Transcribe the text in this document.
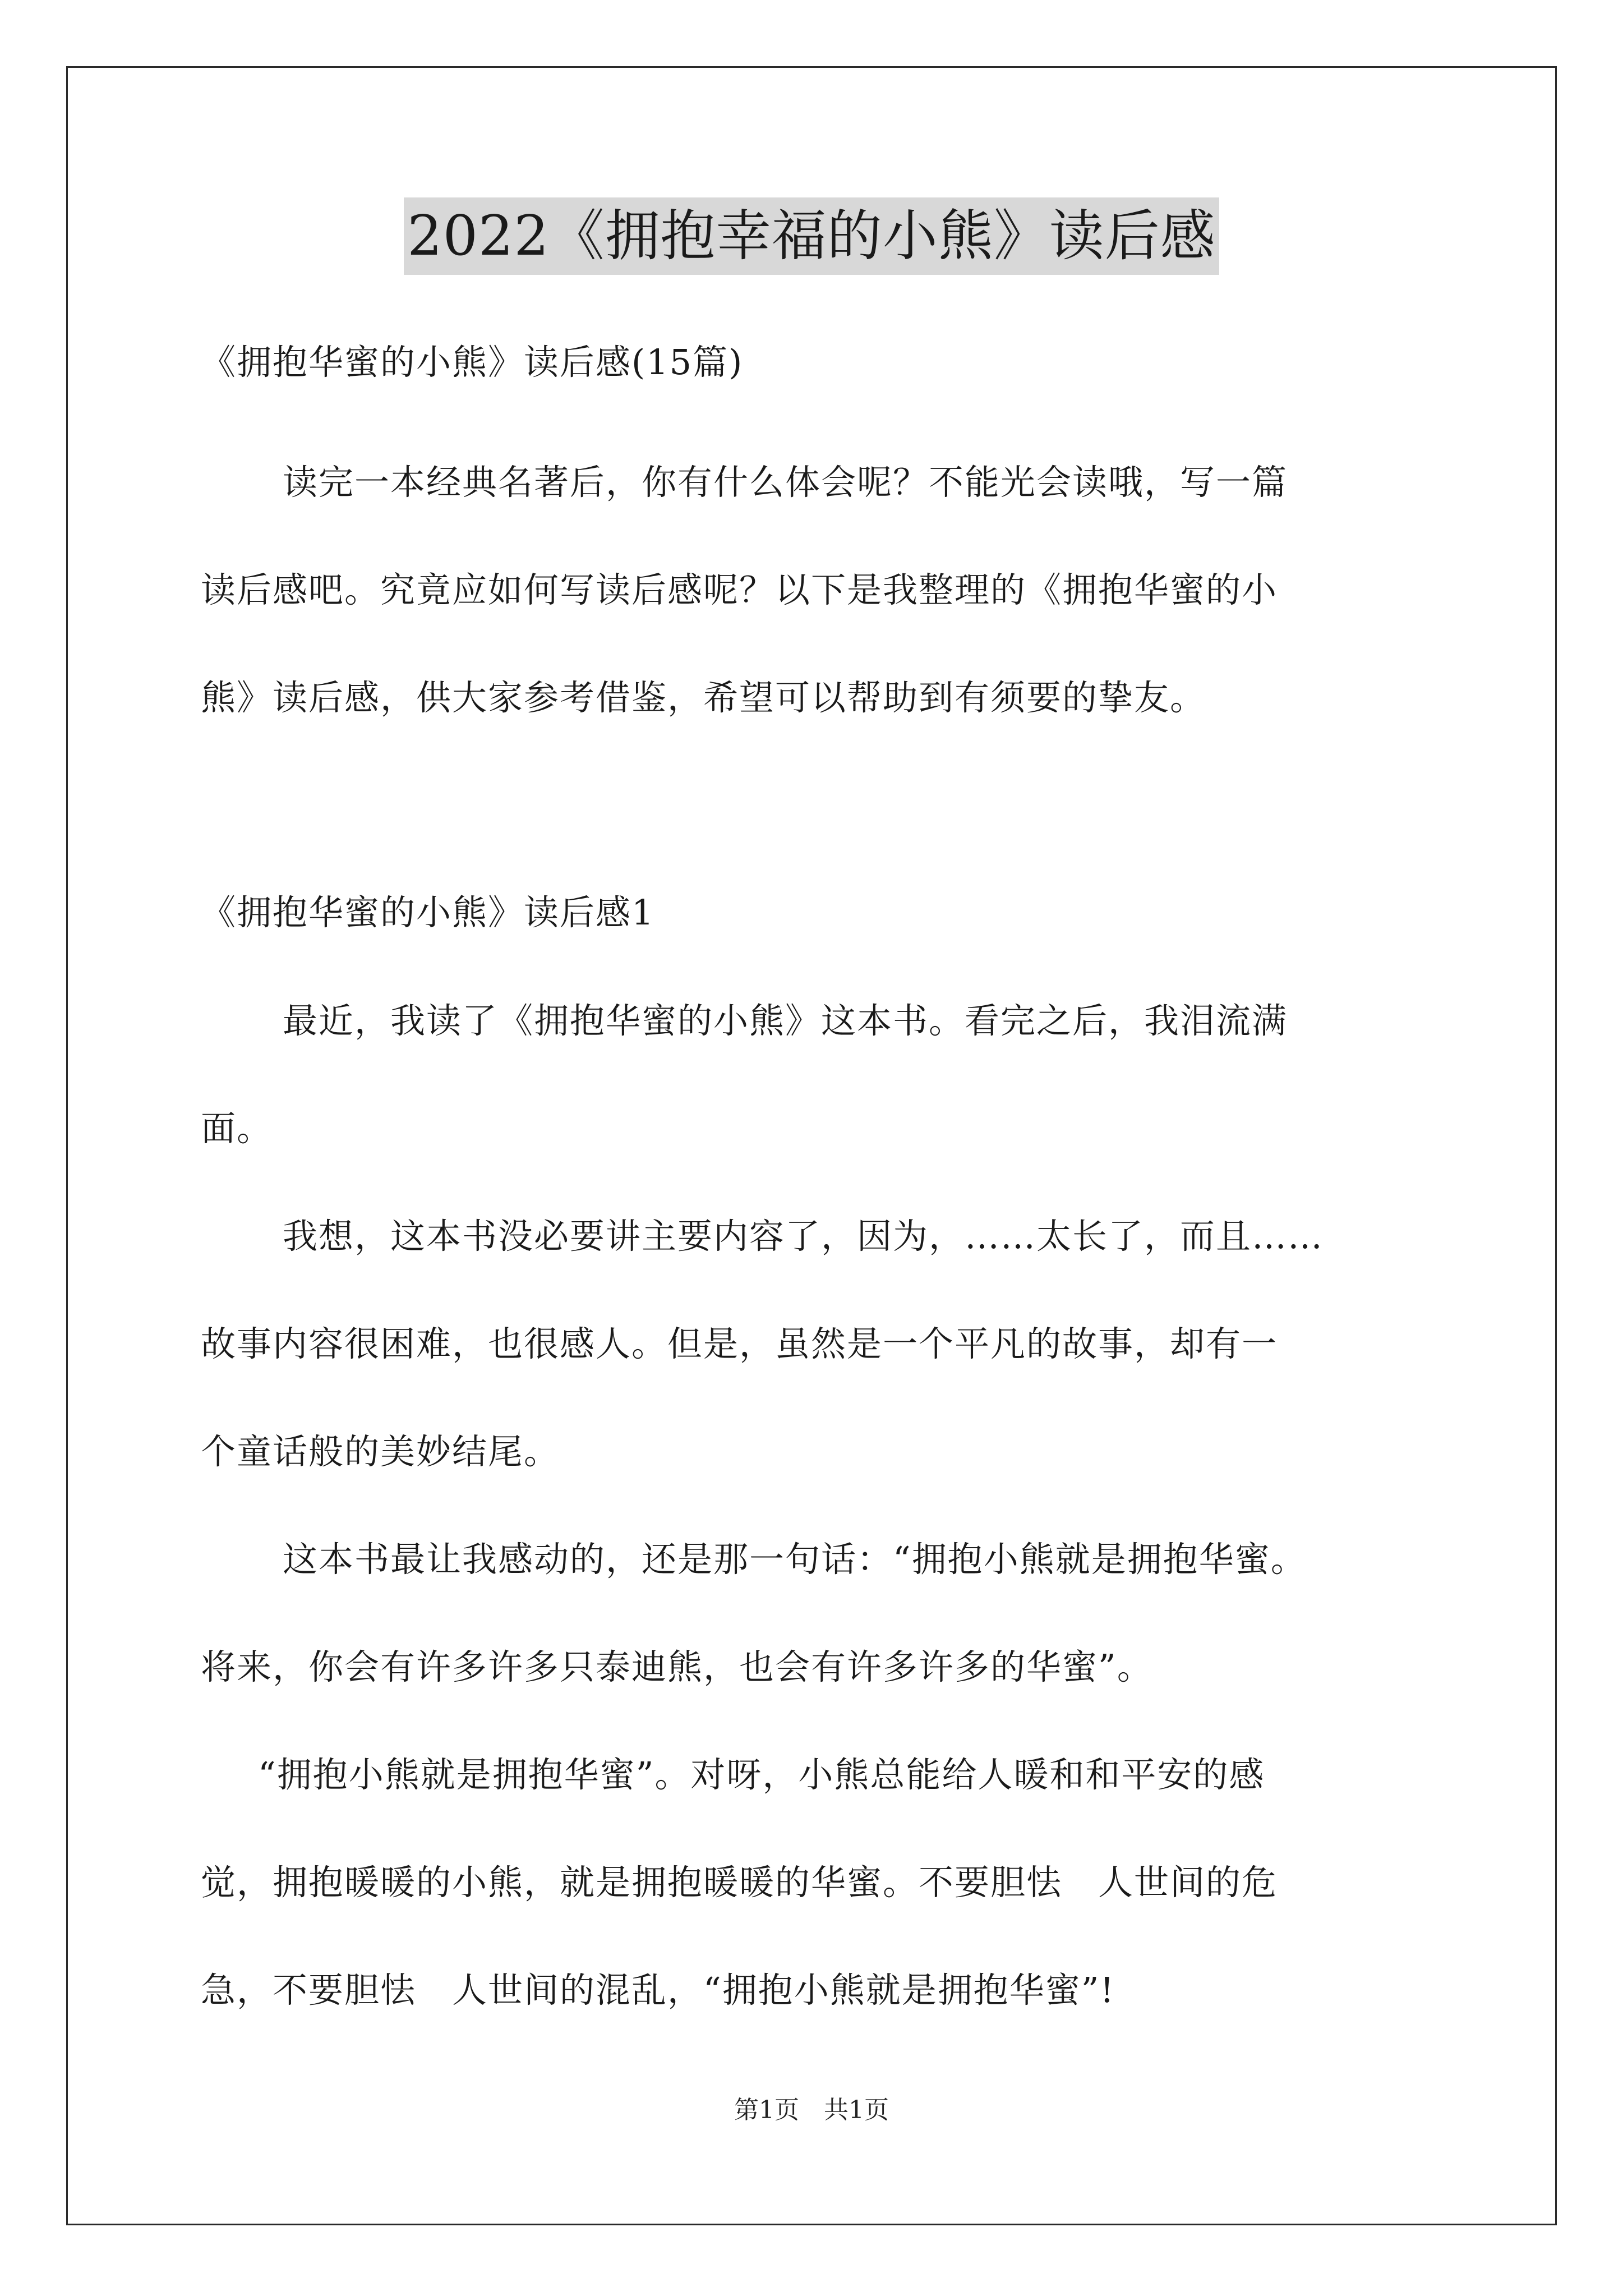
2022《拥抱幸福的小熊》读后感
《拥抱华蜜的小熊》读后感(15篇)
读完一本经典名著后，你有什么体会呢？不能光会读哦，写一篇
读后感吧。究竟应如何写读后感呢？以下是我整理的《拥抱华蜜的小
熊》读后感，供大家参考借鉴，希望可以帮助到有须要的挚友。
《拥抱华蜜的小熊》读后感1
最近，我读了《拥抱华蜜的小熊》这本书。看完之后，我泪流满
面。
我想，这本书没必要讲主要内容了，因为，……太长了，而且……
故事内容很困难，也很感人。但是，虽然是一个平凡的故事，却有一
个童话般的美妙结尾。
这本书最让我感动的，还是那一句话：“拥抱小熊就是拥抱华蜜。
将来，你会有许多许多只泰迪熊，也会有许多许多的华蜜”。
“拥抱小熊就是拥抱华蜜”。对呀，小熊总能给人暖和和平安的感
觉，拥抱暖暖的小熊，就是拥抱暖暖的华蜜。不要胆怯　人世间的危
急，不要胆怯　人世间的混乱，“拥抱小熊就是拥抱华蜜”!
第1页 共1页
